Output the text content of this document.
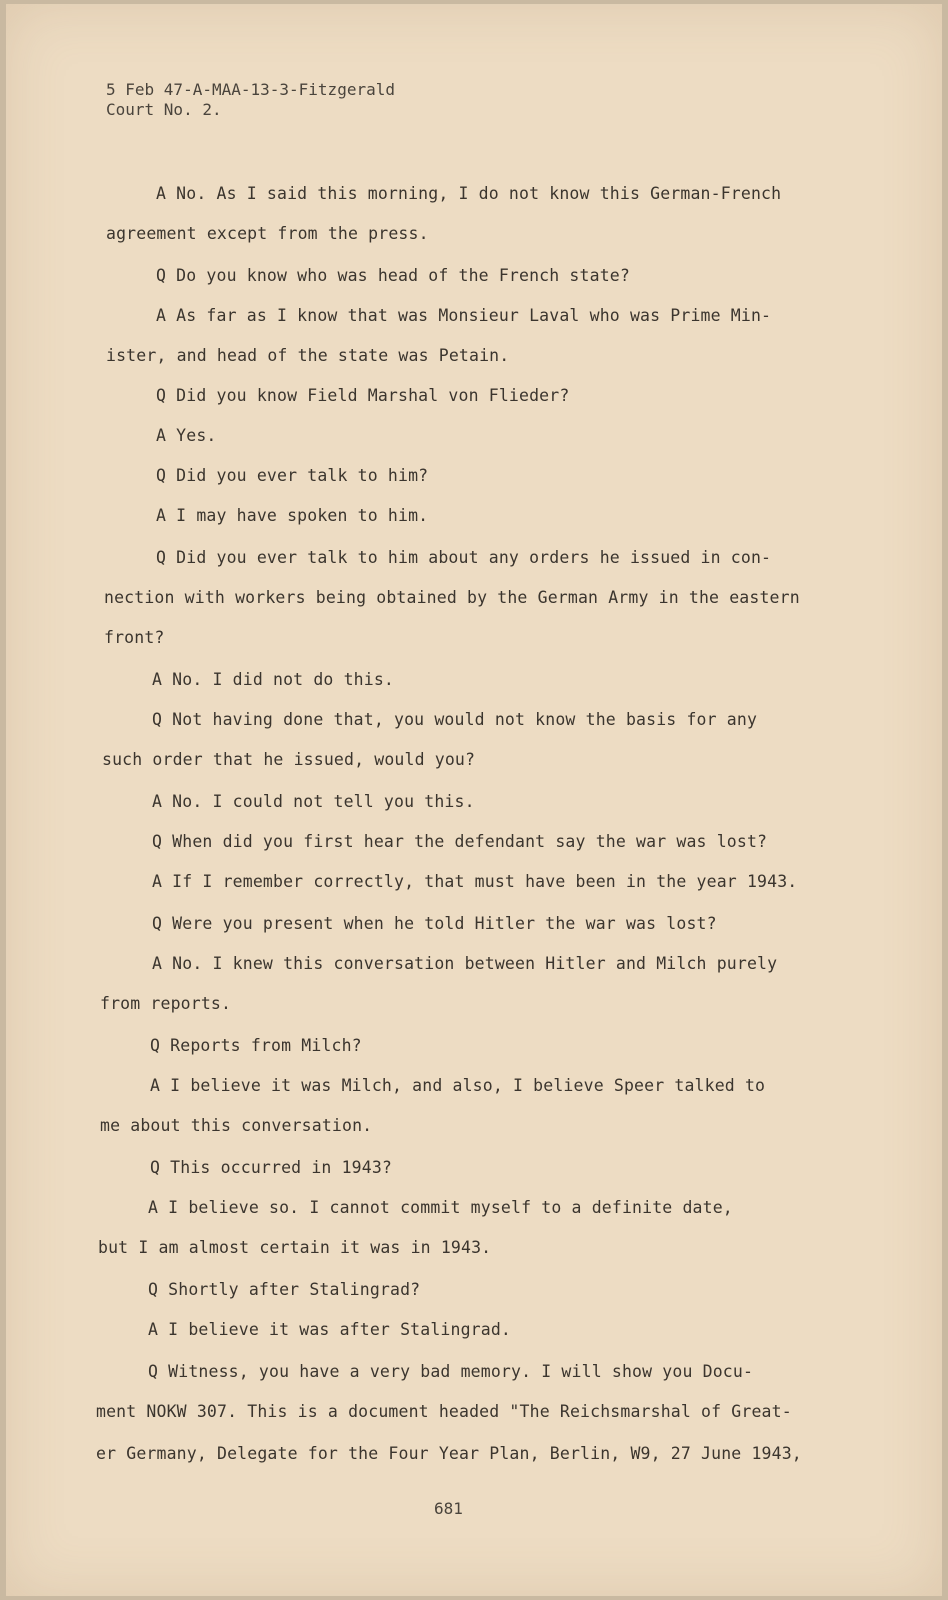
5 Feb 47-A-MAA-13-3-Fitzgerald
Court No. 2.
A No. As I said this morning, I do not know this German-French
agreement except from the press.
Q Do you know who was head of the French state?
A As far as I know that was Monsieur Laval who was Prime Min-
ister, and head of the state was Petain.
Q Did you know Field Marshal von Flieder?
A Yes.
Q Did you ever talk to him?
A I may have spoken to him.
Q Did you ever talk to him about any orders he issued in con-
nection with workers being obtained by the German Army in the eastern
front?
A No. I did not do this.
Q Not having done that, you would not know the basis for any
such order that he issued, would you?
A No. I could not tell you this.
Q When did you first hear the defendant say the war was lost?
A If I remember correctly, that must have been in the year 1943.
Q Were you present when he told Hitler the war was lost?
A No. I knew this conversation between Hitler and Milch purely
from reports.
Q Reports from Milch?
A I believe it was Milch, and also, I believe Speer talked to
me about this conversation.
Q This occurred in 1943?
A I believe so. I cannot commit myself to a definite date,
but I am almost certain it was in 1943.
Q Shortly after Stalingrad?
A I believe it was after Stalingrad.
Q Witness, you have a very bad memory. I will show you Docu-
ment NOKW 307. This is a document headed "The Reichsmarshal of Great-
er Germany, Delegate for the Four Year Plan, Berlin, W9, 27 June 1943,
681
